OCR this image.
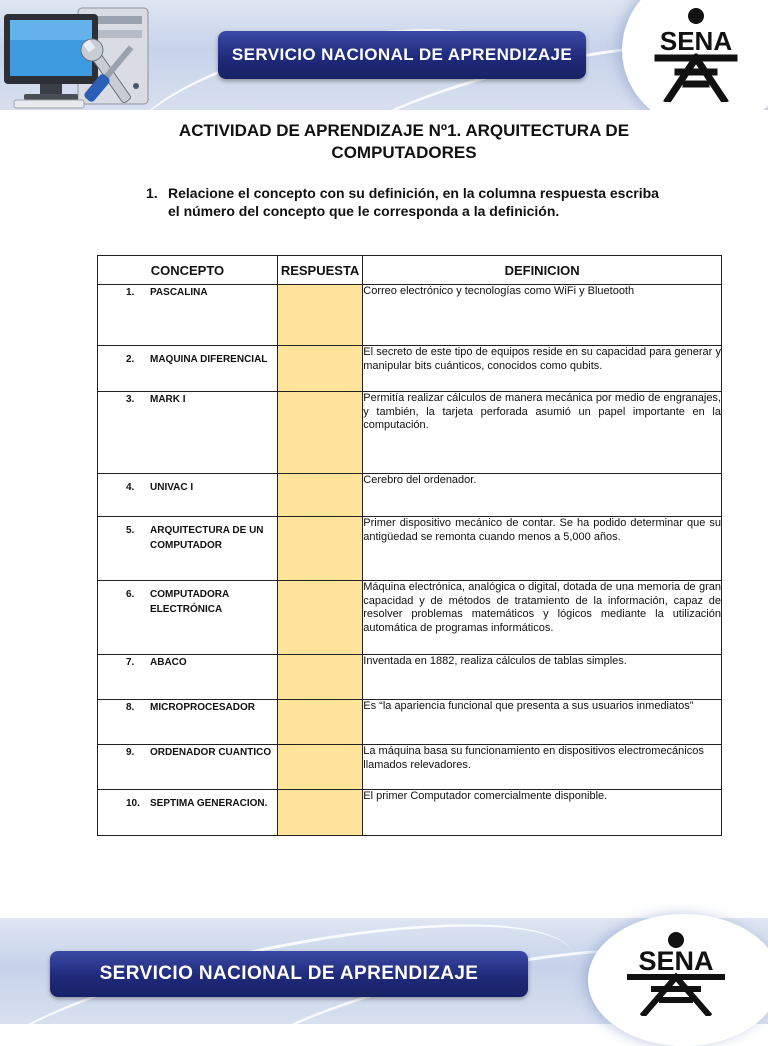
SERVICIO NACIONAL DE APRENDIZAJE	SENA
ACTIVIDAD DE APRENDIZAJE Nº1. ARQUITECTURA DE
COMPUTADORES
1. Relacione el concepto con su definición, en la columna respuesta escriba el número del concepto que le corresponda a la definición.
CONCEPTO	RESPUESTA	DEFINICION

1. PASCALINA		Correo electrónico y tecnologías como WiFi y Bluetooth

2. MAQUINA DIFERENCIAL		El secreto de este tipo de equipos reside en su capacidad para generar y manipular bits cuánticos, conocidos como qubits.

3. MARK I		Permitía realizar cálculos de manera mecánica por medio de engranajes, y también, la tarjeta perforada asumió un papel importante en la computación.

4. UNIVAC I		Cerebro del ordenador.

5. ARQUITECTURA DE UN COMPUTADOR		Primer dispositivo mecánico de contar. Se ha podido determinar que su antigüedad se remonta cuando menos a 5,000 años.

6. COMPUTADORA ELECTRÓNICA		Máquina electrónica, analógica o digital, dotada de una memoria de gran capacidad y de métodos de tratamiento de la información, capaz de resolver problemas matemáticos y lógicos mediante la utilización automática de programas informáticos.

7. ABACO		Inventada en 1882, realiza cálculos de tablas simples.

8. MICROPROCESADOR		Es “la apariencia funcional que presenta a sus usuarios inmediatos”

9. ORDENADOR CUANTICO		La máquina basa su funcionamiento en dispositivos electromecánicos llamados relevadores.

10. SEPTIMA GENERACION.		El primer Computador comercialmente disponible.
SERVICIO NACIONAL DE APRENDIZAJE	SENA
